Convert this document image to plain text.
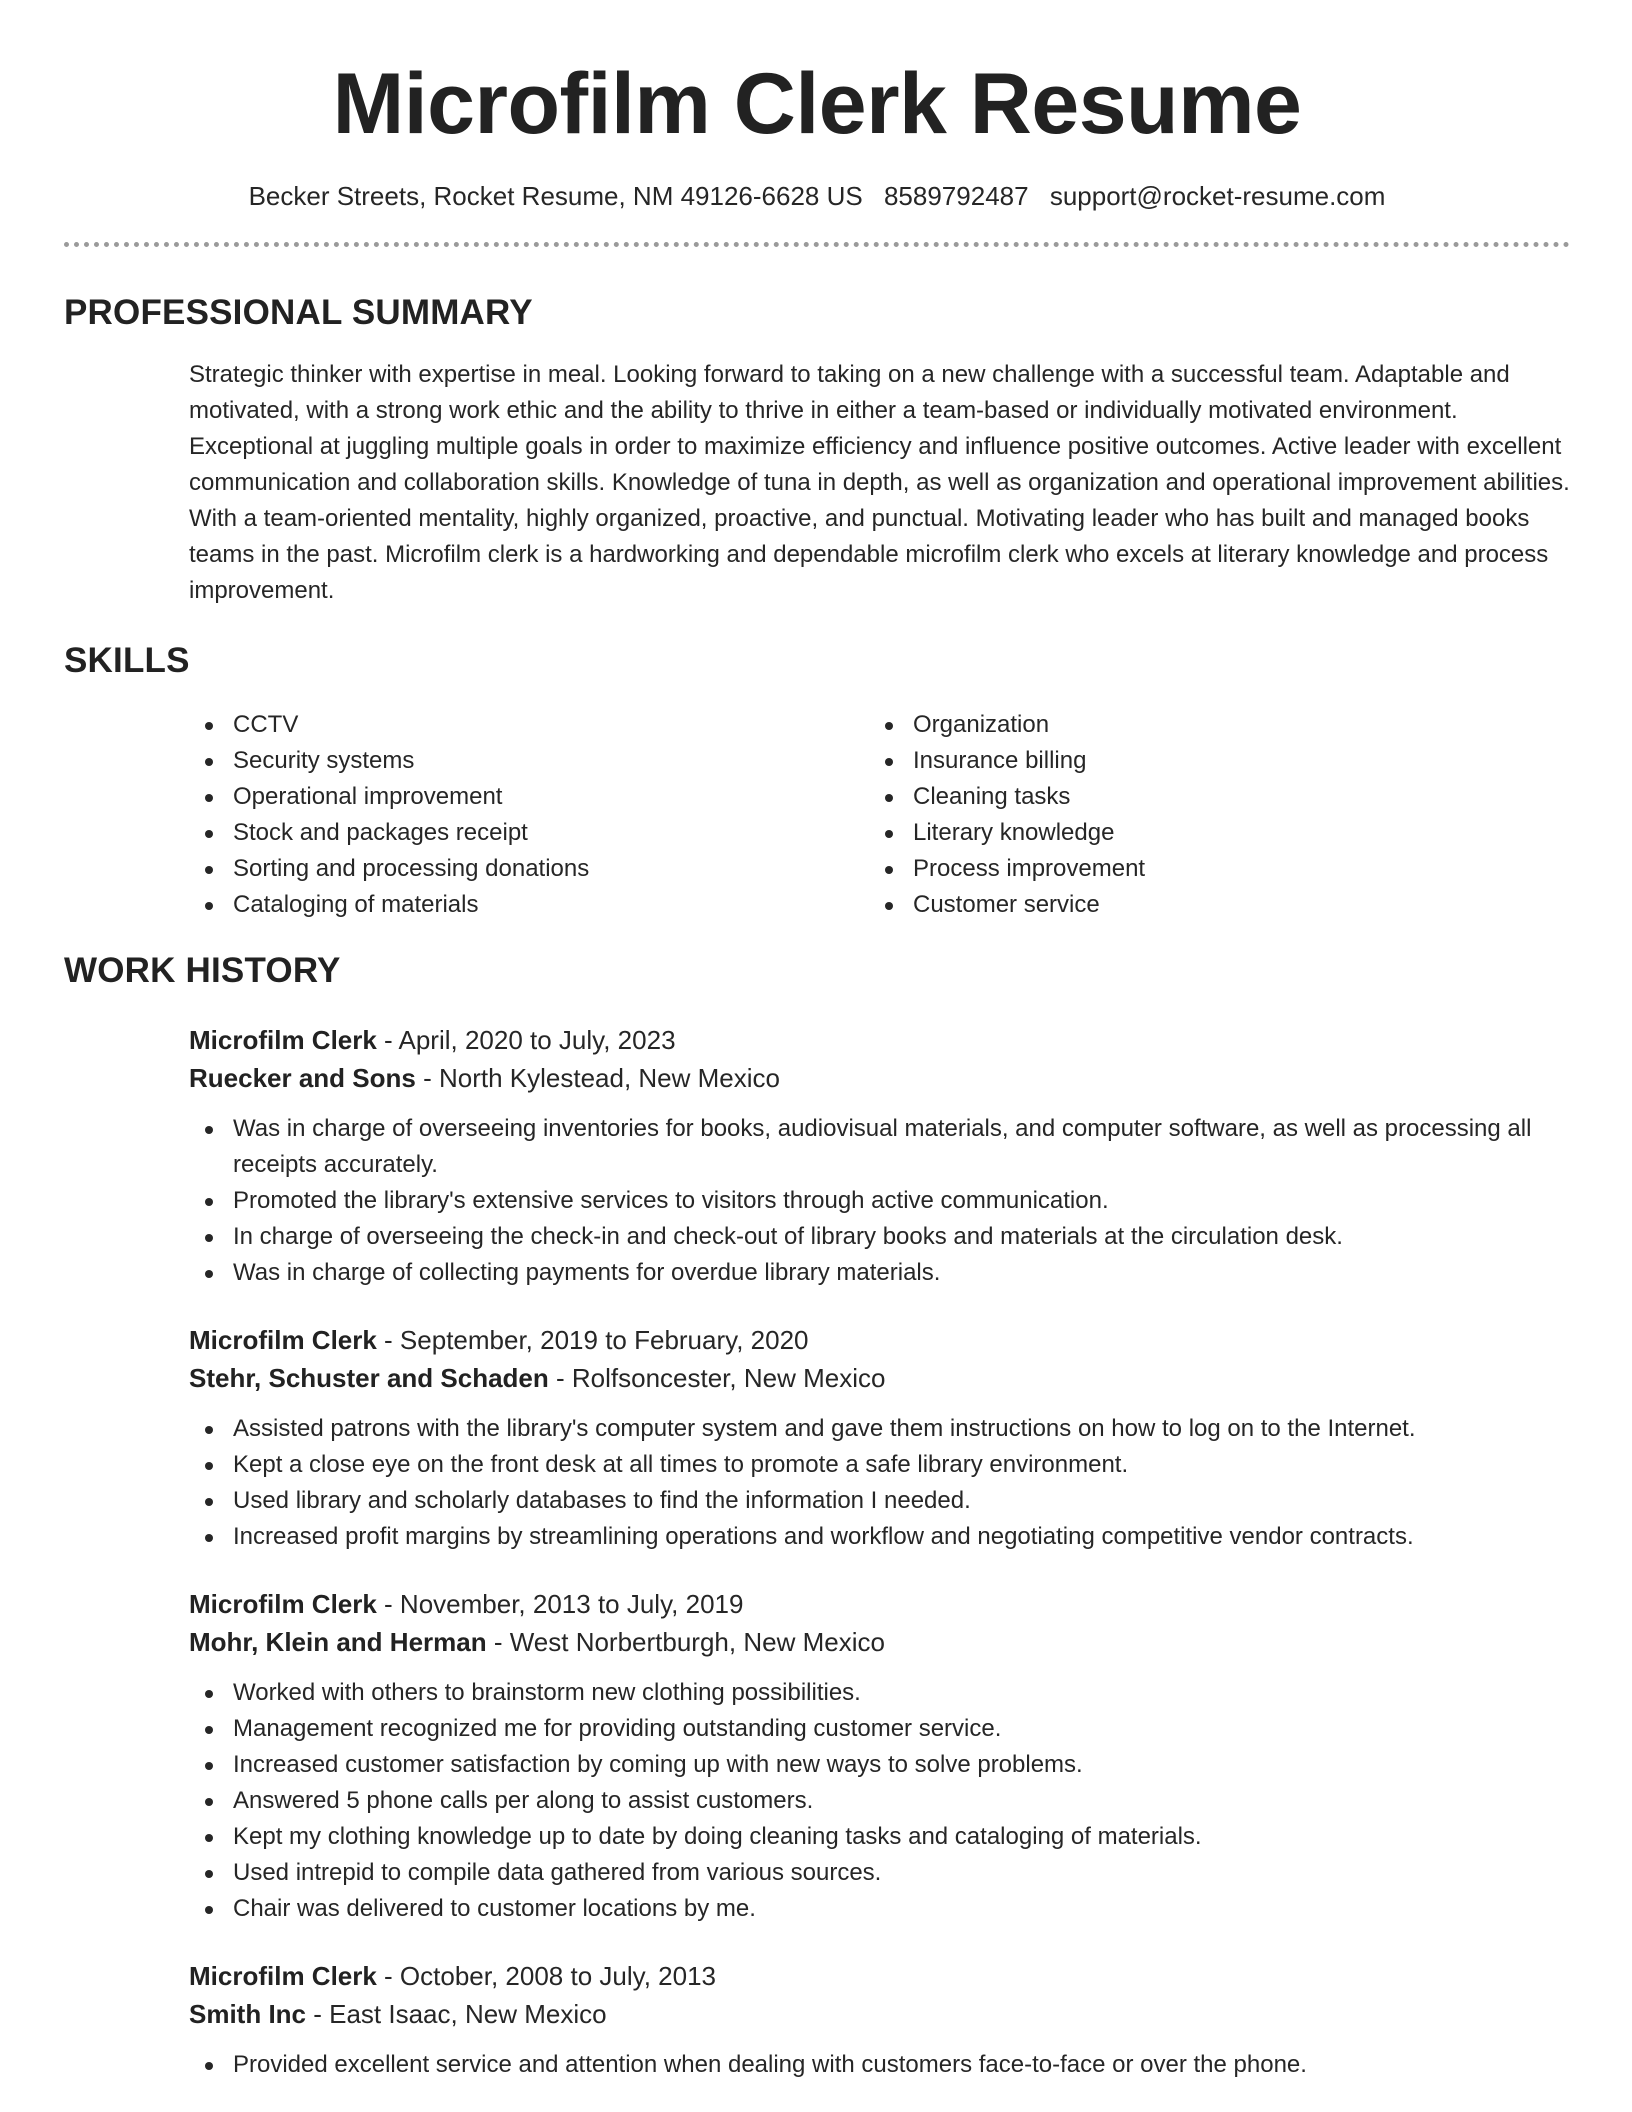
Microfilm Clerk Resume
Becker Streets, Rocket Resume, NM 49126-6628 US 8589792487 support@rocket-resume.com
PROFESSIONAL SUMMARY

Strategic thinker with expertise in meal. Looking forward to taking on a new challenge with a successful team. Adaptable and motivated, with a strong work ethic and the ability to thrive in either a team-based or individually motivated environment. Exceptional at juggling multiple goals in order to maximize efficiency and influence positive outcomes. Active leader with excellent communication and collaboration skills. Knowledge of tuna in depth, as well as organization and operational improvement abilities. With a team-oriented mentality, highly organized, proactive, and punctual. Motivating leader who has built and managed books teams in the past. Microfilm clerk is a hardworking and dependable microfilm clerk who excels at literary knowledge and process improvement.

SKILLS
CCTV
Security systems
Operational improvement
Stock and packages receipt
Sorting and processing donations
Cataloging of materials
Organization
Insurance billing
Cleaning tasks
Literary knowledge
Process improvement
Customer service
WORK HISTORY
Microfilm Clerk - April, 2020 to July, 2023
Ruecker and Sons - North Kylestead, New Mexico
Was in charge of overseeing inventories for books, audiovisual materials, and computer software, as well as processing all receipts accurately.
Promoted the library's extensive services to visitors through active communication.
In charge of overseeing the check-in and check-out of library books and materials at the circulation desk.
Was in charge of collecting payments for overdue library materials.
Microfilm Clerk - September, 2019 to February, 2020
Stehr, Schuster and Schaden - Rolfsoncester, New Mexico
Assisted patrons with the library's computer system and gave them instructions on how to log on to the Internet.
Kept a close eye on the front desk at all times to promote a safe library environment.
Used library and scholarly databases to find the information I needed.
Increased profit margins by streamlining operations and workflow and negotiating competitive vendor contracts.
Microfilm Clerk - November, 2013 to July, 2019
Mohr, Klein and Herman - West Norbertburgh, New Mexico
Worked with others to brainstorm new clothing possibilities.
Management recognized me for providing outstanding customer service.
Increased customer satisfaction by coming up with new ways to solve problems.
Answered 5 phone calls per along to assist customers.
Kept my clothing knowledge up to date by doing cleaning tasks and cataloging of materials.
Used intrepid to compile data gathered from various sources.
Chair was delivered to customer locations by me.
Microfilm Clerk - October, 2008 to July, 2013
Smith Inc - East Isaac, New Mexico
Provided excellent service and attention when dealing with customers face-to-face or over the phone.
